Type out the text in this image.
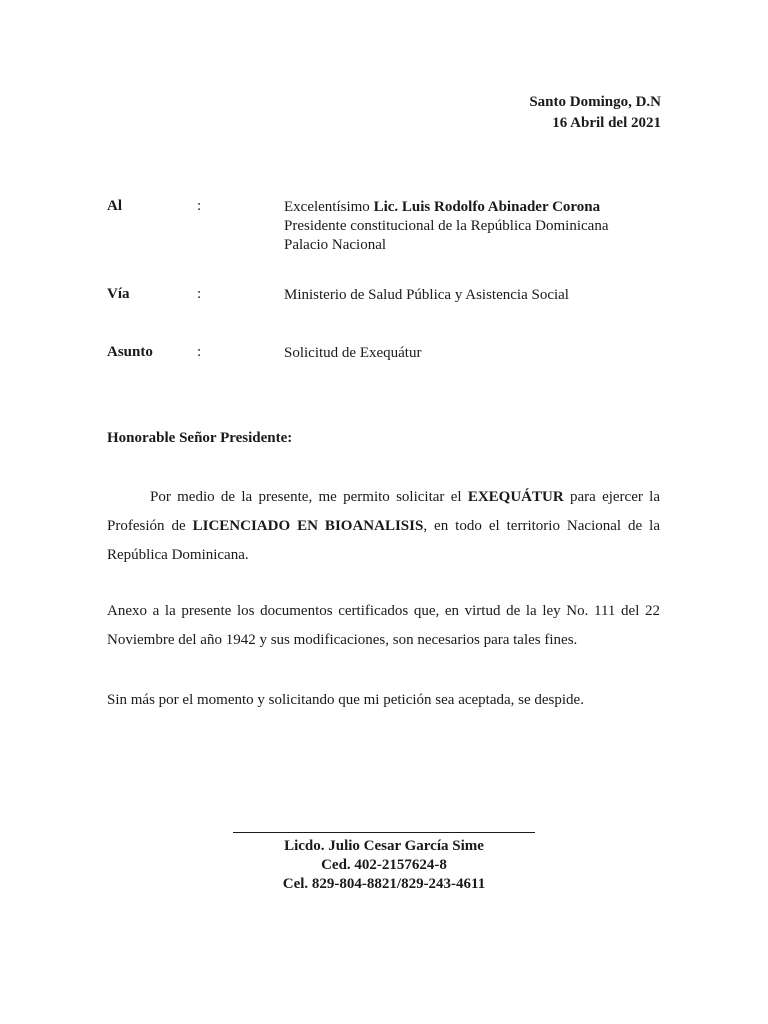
Santo Domingo, D.N
16 Abril del 2021
Al	:	Excelentísimo Lic. Luis Rodolfo Abinader Corona
Presidente constitucional de la República Dominicana
Palacio Nacional
Vía	:	Ministerio de Salud Pública y Asistencia Social
Asunto	:	Solicitud de Exequátur
Honorable Señor Presidente:
Por medio de la presente, me permito solicitar el EXEQUÁTUR para ejercer la Profesión de LICENCIADO EN BIOANALISIS, en todo el territorio Nacional de la República Dominicana.
Anexo a la presente los documentos certificados que, en virtud de la ley No. 111 del 22 Noviembre del año 1942 y sus modificaciones, son necesarios para tales fines.
Sin más por el momento y solicitando que mi petición sea aceptada, se despide.
Licdo. Julio Cesar García Sime
Ced. 402-2157624-8
Cel. 829-804-8821/829-243-4611
